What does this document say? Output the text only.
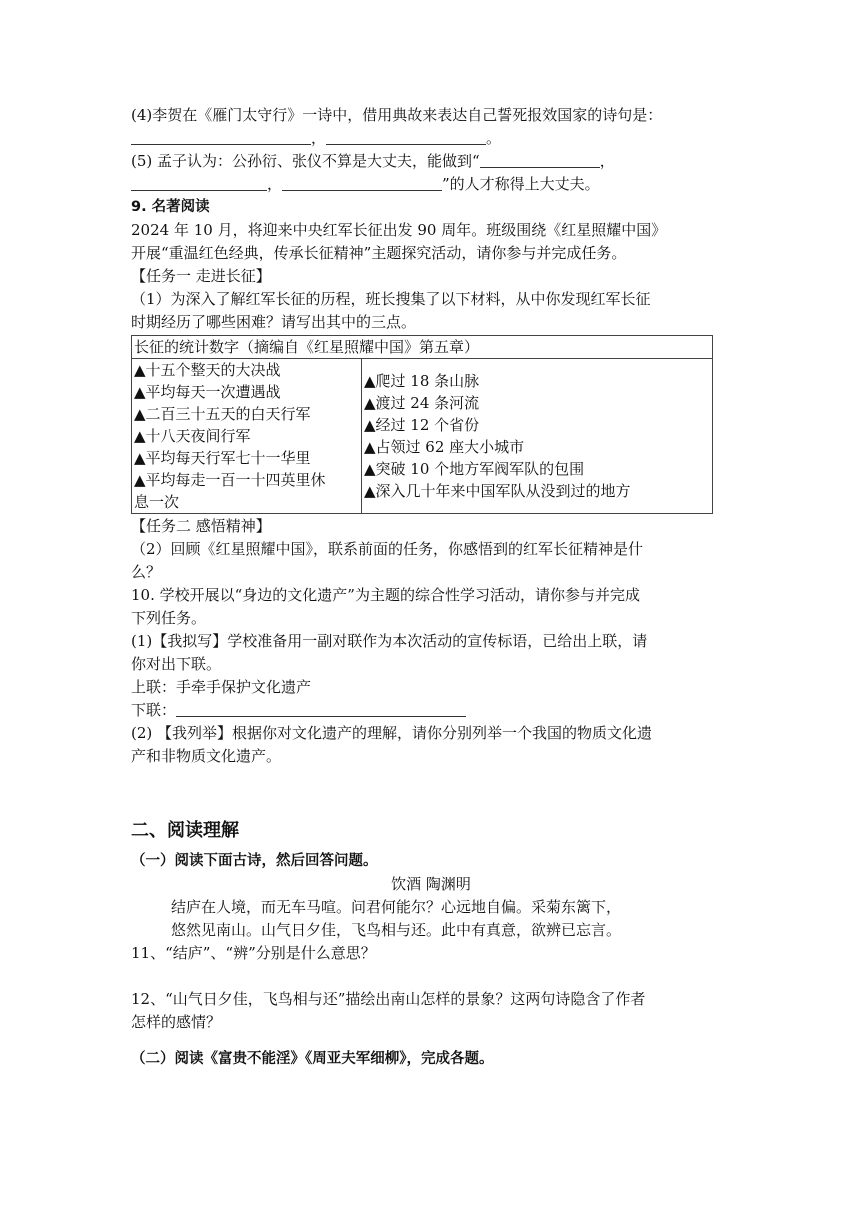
(4)李贺在《雁门太守行》一诗中，借用典故来表达自己誓死报效国家的诗句是：
，	。
(5) 孟子认为：公孙衍、张仪不算是大丈夫，能做到“	，
，	”的人才称得上大丈夫。
9. 名著阅读
2024 年 10 月，将迎来中央红军长征出发 90 周年。班级围绕《红星照耀中国》
开展“重温红色经典，传承长征精神”主题探究活动，请你参与并完成任务。
【任务一 走进长征】
（1）为深入了解红军长征的历程，班长搜集了以下材料，从中你发现红军长征
时期经历了哪些困难？请写出其中的三点。
长征的统计数字（摘编自《红星照耀中国》第五章）

▲十五个整天的大决战
▲平均每天一次遭遇战
▲二百三十五天的白天行军
▲十八天夜间行军
▲平均每天行军七十一华里
▲平均每走一百一十四英里休
息一次

▲爬过 18 条山脉
▲渡过 24 条河流
▲经过 12 个省份
▲占领过 62 座大小城市
▲突破 10 个地方军阀军队的包围
▲深入几十年来中国军队从没到过的地方
【任务二 感悟精神】
（2）回顾《红星照耀中国》，联系前面的任务，你感悟到的红军长征精神是什
么？
10. 学校开展以“身边的文化遗产”为主题的综合性学习活动，请你参与并完成
下列任务。
(1)【我拟写】学校准备用一副对联作为本次活动的宣传标语，已给出上联，请
你对出下联。
上联：手牵手保护文化遗产
下联：
(2) 【我列举】根据你对文化遗产的理解，请你分别列举一个我国的物质文化遗
产和非物质文化遗产。
二、阅读理解
（一）阅读下面古诗，然后回答问题。
饮酒 陶渊明
结庐在人境，而无车马喧。问君何能尔？心远地自偏。采菊东篱下，
悠然见南山。山气日夕佳，飞鸟相与还。此中有真意，欲辨已忘言。
11、“结庐”、“辨”分别是什么意思？
12、“山气日夕佳，飞鸟相与还”描绘出南山怎样的景象？这两句诗隐含了作者
怎样的感情？
（二）阅读《富贵不能淫》《周亚夫军细柳》，完成各题。
